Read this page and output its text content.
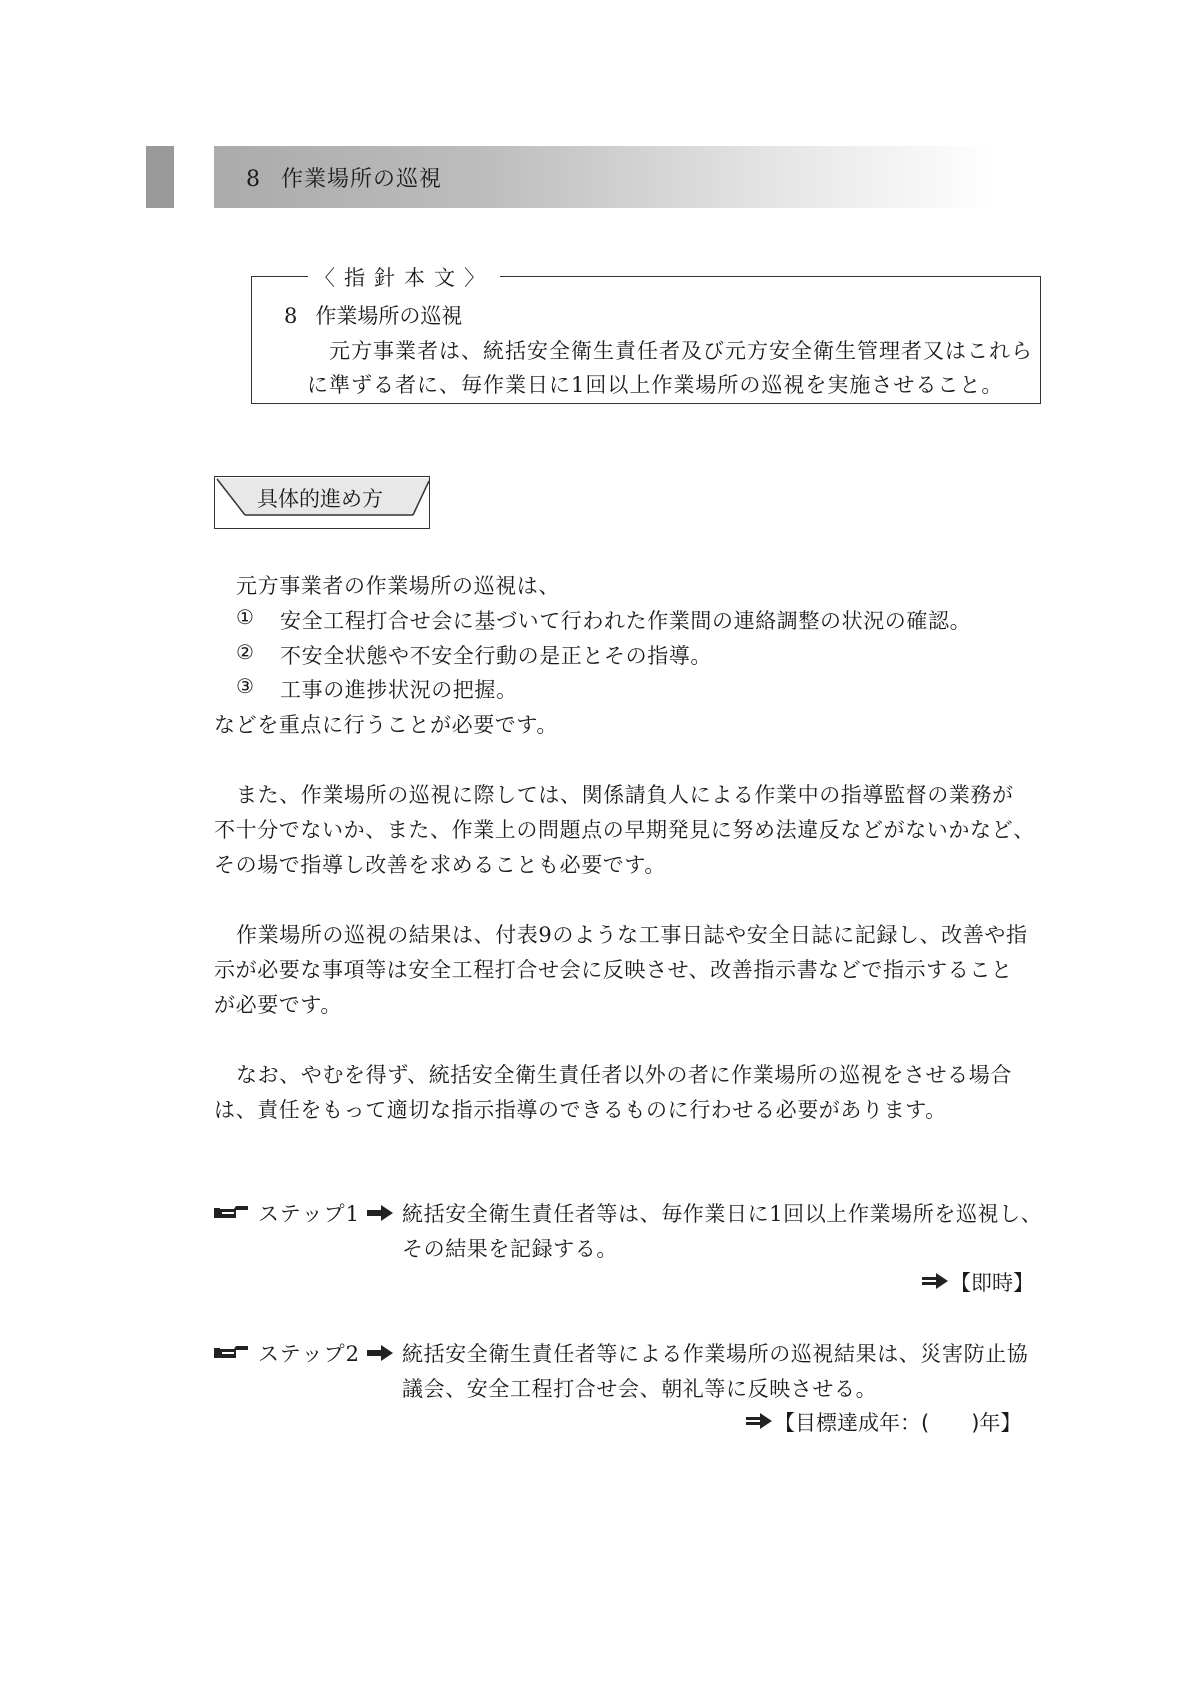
8 作業場所の巡視
〈指針本文〉
8 作業場所の巡視
元方事業者は、統括安全衛生責任者及び元方安全衛生管理者又はこれら
に準ずる者に、毎作業日に1回以上作業場所の巡視を実施させること。
具体的進め方
元方事業者の作業場所の巡視は、
① 安全工程打合せ会に基づいて行われた作業間の連絡調整の状況の確認。
② 不安全状態や不安全行動の是正とその指導。
③ 工事の進捗状況の把握。
などを重点に行うことが必要です。
また、作業場所の巡視に際しては、関係請負人による作業中の指導監督の業務が
不十分でないか、また、作業上の問題点の早期発見に努め法違反などがないかなど、
その場で指導し改善を求めることも必要です。
作業場所の巡視の結果は、付表9のような工事日誌や安全日誌に記録し、改善や指
示が必要な事項等は安全工程打合せ会に反映させ、改善指示書などで指示すること
が必要です。
なお、やむを得ず、統括安全衛生責任者以外の者に作業場所の巡視をさせる場合
は、責任をもって適切な指示指導のできるものに行わせる必要があります。
ステップ1 統括安全衛生責任者等は、毎作業日に1回以上作業場所を巡視し、
その結果を記録する。
【即時】
ステップ2 統括安全衛生責任者等による作業場所の巡視結果は、災害防止協
議会、安全工程打合せ会、朝礼等に反映させる。
【目標達成年：(　　)年】
